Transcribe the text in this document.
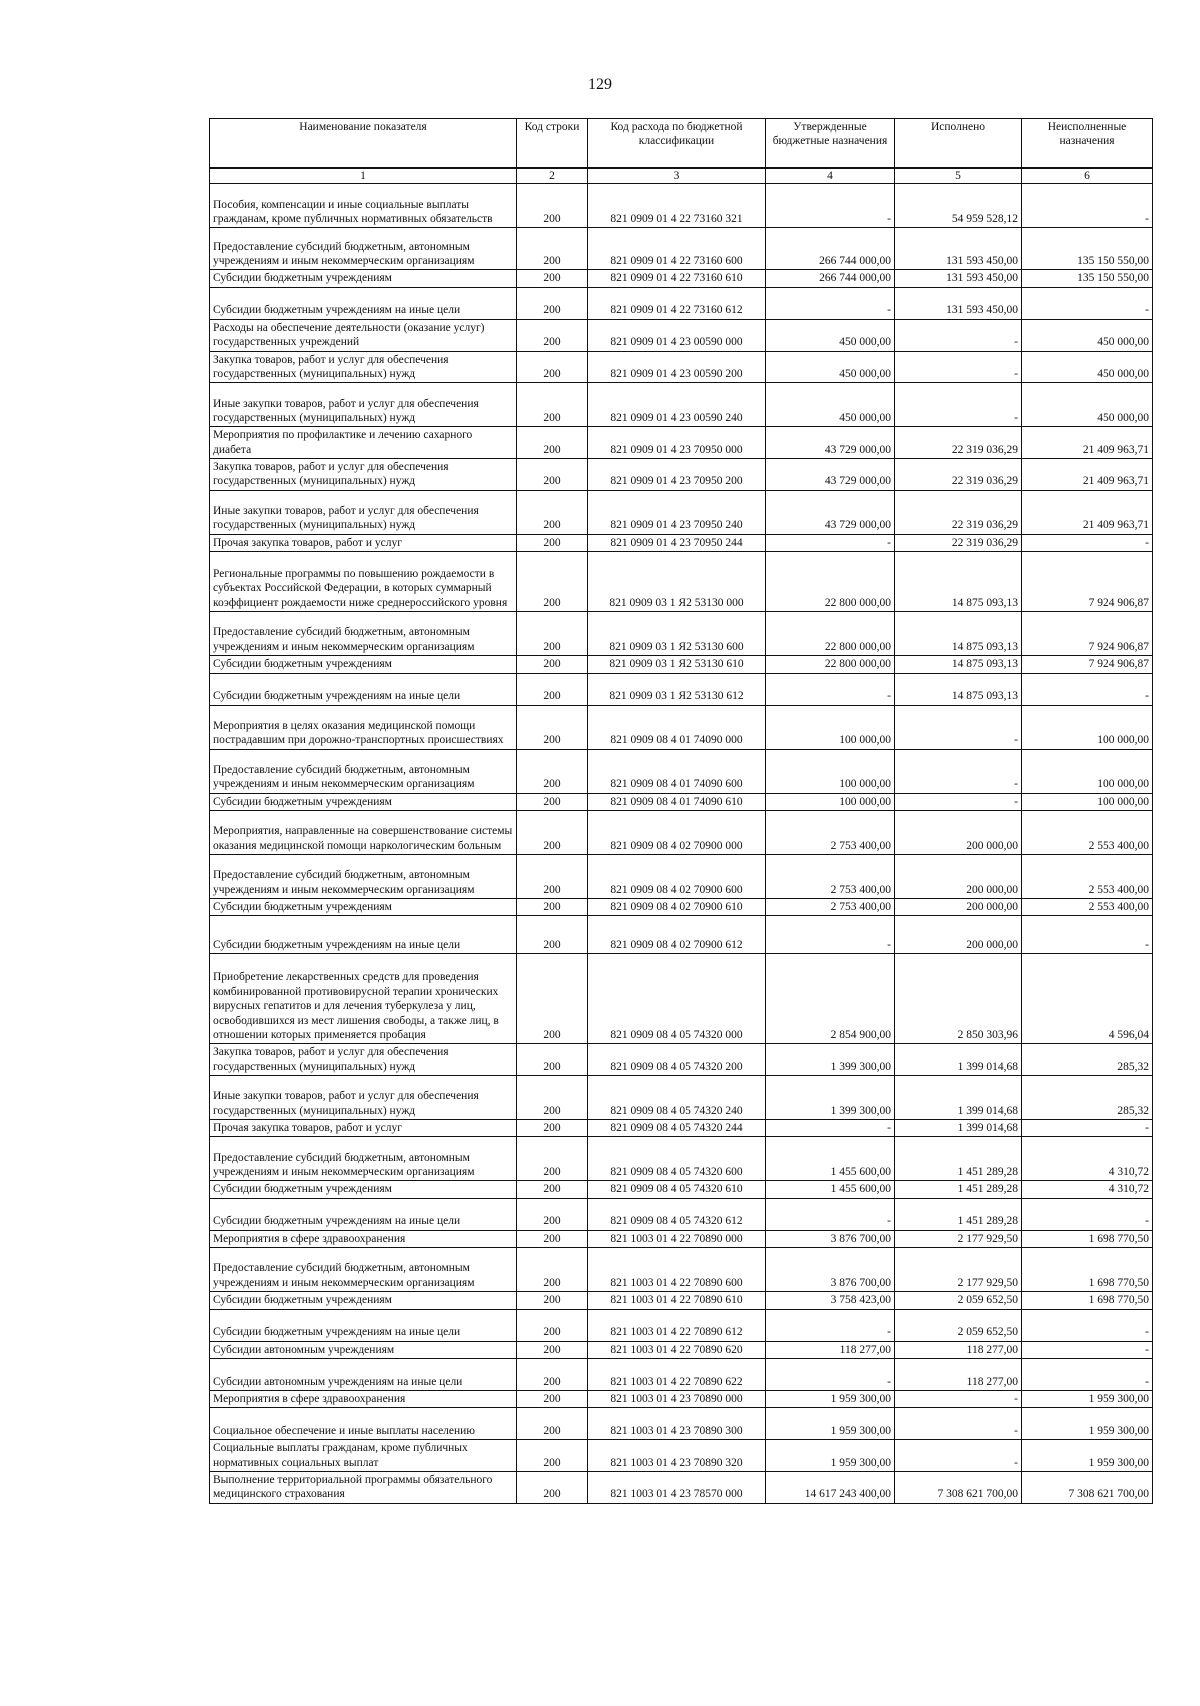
129
Наименование показателя	Код строки	Код расхода по бюджетной классификации	Утвержденные бюджетные назначения	Исполнено	Неисполненные назначения
1	2	3	4	5	6
Пособия, компенсации и иные социальные выплаты гражданам, кроме публичных нормативных обязательств	200	821 0909 01 4 22 73160 321	-	54 959 528,12	-
Предоставление субсидий бюджетным, автономным учреждениям и иным некоммерческим организациям	200	821 0909 01 4 22 73160 600	266 744 000,00	131 593 450,00	135 150 550,00
Субсидии бюджетным учреждениям	200	821 0909 01 4 22 73160 610	266 744 000,00	131 593 450,00	135 150 550,00
Субсидии бюджетным учреждениям на иные цели	200	821 0909 01 4 22 73160 612	-	131 593 450,00	-
Расходы на обеспечение деятельности (оказание услуг) государственных учреждений	200	821 0909 01 4 23 00590 000	450 000,00	-	450 000,00
Закупка товаров, работ и услуг для обеспечения государственных (муниципальных) нужд	200	821 0909 01 4 23 00590 200	450 000,00	-	450 000,00
Иные закупки товаров, работ и услуг для обеспечения государственных (муниципальных) нужд	200	821 0909 01 4 23 00590 240	450 000,00	-	450 000,00
Мероприятия по профилактике и лечению сахарного диабета	200	821 0909 01 4 23 70950 000	43 729 000,00	22 319 036,29	21 409 963,71
Закупка товаров, работ и услуг для обеспечения государственных (муниципальных) нужд	200	821 0909 01 4 23 70950 200	43 729 000,00	22 319 036,29	21 409 963,71
Иные закупки товаров, работ и услуг для обеспечения государственных (муниципальных) нужд	200	821 0909 01 4 23 70950 240	43 729 000,00	22 319 036,29	21 409 963,71
Прочая закупка товаров, работ и услуг	200	821 0909 01 4 23 70950 244	-	22 319 036,29	-
Региональные программы по повышению рождаемости в субъектах Российской Федерации, в которых суммарный коэффициент рождаемости ниже среднероссийского уровня	200	821 0909 03 1 Я2 53130 000	22 800 000,00	14 875 093,13	7 924 906,87
Предоставление субсидий бюджетным, автономным учреждениям и иным некоммерческим организациям	200	821 0909 03 1 Я2 53130 600	22 800 000,00	14 875 093,13	7 924 906,87
Субсидии бюджетным учреждениям	200	821 0909 03 1 Я2 53130 610	22 800 000,00	14 875 093,13	7 924 906,87
Субсидии бюджетным учреждениям на иные цели	200	821 0909 03 1 Я2 53130 612	-	14 875 093,13	-
Мероприятия в целях оказания медицинской помощи пострадавшим при дорожно-транспортных происшествиях	200	821 0909 08 4 01 74090 000	100 000,00	-	100 000,00
Предоставление субсидий бюджетным, автономным учреждениям и иным некоммерческим организациям	200	821 0909 08 4 01 74090 600	100 000,00	-	100 000,00
Субсидии бюджетным учреждениям	200	821 0909 08 4 01 74090 610	100 000,00	-	100 000,00
Мероприятия, направленные на совершенствование системы оказания медицинской помощи наркологическим больным	200	821 0909 08 4 02 70900 000	2 753 400,00	200 000,00	2 553 400,00
Предоставление субсидий бюджетным, автономным учреждениям и иным некоммерческим организациям	200	821 0909 08 4 02 70900 600	2 753 400,00	200 000,00	2 553 400,00
Субсидии бюджетным учреждениям	200	821 0909 08 4 02 70900 610	2 753 400,00	200 000,00	2 553 400,00
Субсидии бюджетным учреждениям на иные цели	200	821 0909 08 4 02 70900 612	-	200 000,00	-
Приобретение лекарственных средств для проведения комбинированной противовирусной терапии хронических вирусных гепатитов и для лечения туберкулеза у лиц, освободившихся из мест лишения свободы, а также лиц, в отношении которых применяется пробация	200	821 0909 08 4 05 74320 000	2 854 900,00	2 850 303,96	4 596,04
Закупка товаров, работ и услуг для обеспечения государственных (муниципальных) нужд	200	821 0909 08 4 05 74320 200	1 399 300,00	1 399 014,68	285,32
Иные закупки товаров, работ и услуг для обеспечения государственных (муниципальных) нужд	200	821 0909 08 4 05 74320 240	1 399 300,00	1 399 014,68	285,32
Прочая закупка товаров, работ и услуг	200	821 0909 08 4 05 74320 244	-	1 399 014,68	-
Предоставление субсидий бюджетным, автономным учреждениям и иным некоммерческим организациям	200	821 0909 08 4 05 74320 600	1 455 600,00	1 451 289,28	4 310,72
Субсидии бюджетным учреждениям	200	821 0909 08 4 05 74320 610	1 455 600,00	1 451 289,28	4 310,72
Субсидии бюджетным учреждениям на иные цели	200	821 0909 08 4 05 74320 612	-	1 451 289,28	-
Мероприятия в сфере здравоохранения	200	821 1003 01 4 22 70890 000	3 876 700,00	2 177 929,50	1 698 770,50
Предоставление субсидий бюджетным, автономным учреждениям и иным некоммерческим организациям	200	821 1003 01 4 22 70890 600	3 876 700,00	2 177 929,50	1 698 770,50
Субсидии бюджетным учреждениям	200	821 1003 01 4 22 70890 610	3 758 423,00	2 059 652,50	1 698 770,50
Субсидии бюджетным учреждениям на иные цели	200	821 1003 01 4 22 70890 612	-	2 059 652,50	-
Субсидии автономным учреждениям	200	821 1003 01 4 22 70890 620	118 277,00	118 277,00	-
Субсидии автономным учреждениям на иные цели	200	821 1003 01 4 22 70890 622	-	118 277,00	-
Мероприятия в сфере здравоохранения	200	821 1003 01 4 23 70890 000	1 959 300,00	-	1 959 300,00
Социальное обеспечение и иные выплаты населению	200	821 1003 01 4 23 70890 300	1 959 300,00	-	1 959 300,00
Социальные выплаты гражданам, кроме публичных нормативных социальных выплат	200	821 1003 01 4 23 70890 320	1 959 300,00	-	1 959 300,00
Выполнение территориальной программы обязательного медицинского страхования	200	821 1003 01 4 23 78570 000	14 617 243 400,00	7 308 621 700,00	7 308 621 700,00
